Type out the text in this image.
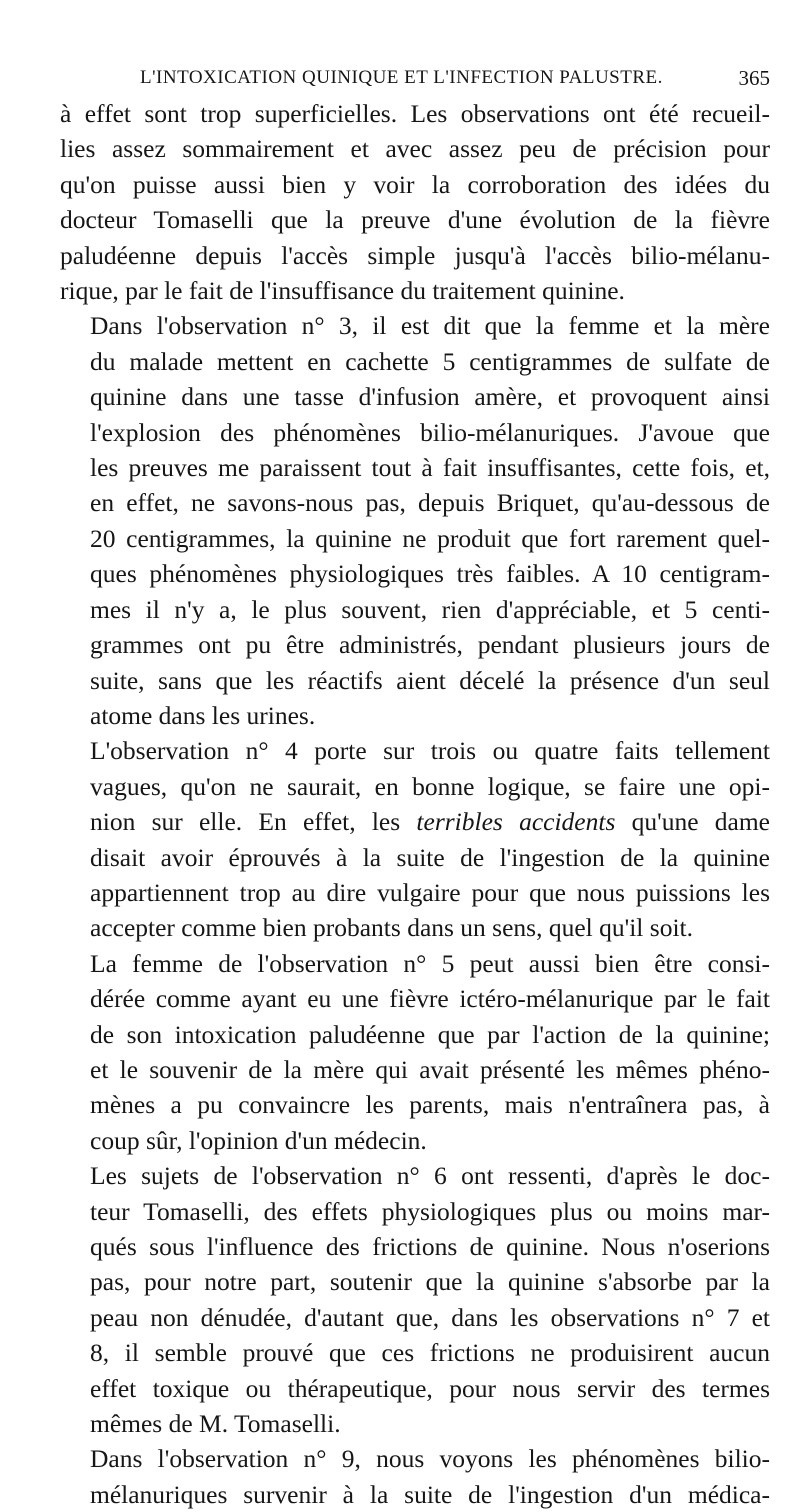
L'INTOXICATION QUINIQUE ET L'INFECTION PALUSTRE.	365

à effet sont trop superficielles. Les observations ont été recueil-
lies assez sommairement et avec assez peu de précision pour
qu'on puisse aussi bien y voir la corroboration des idées du
docteur Tomaselli que la preuve d'une évolution de la fièvre
paludéenne depuis l'accès simple jusqu'à l'accès bilio-mélanu-
rique, par le fait de l'insuffisance du traitement quinine.

Dans l'observation n° 3, il est dit que la femme et la mère
du malade mettent en cachette 5 centigrammes de sulfate de
quinine dans une tasse d'infusion amère, et provoquent ainsi
l'explosion des phénomènes bilio-mélanuriques. J'avoue que
les preuves me paraissent tout à fait insuffisantes, cette fois, et,
en effet, ne savons-nous pas, depuis Briquet, qu'au-dessous de
20 centigrammes, la quinine ne produit que fort rarement quel-
ques phénomènes physiologiques très faibles. A 10 centigram-
mes il n'y a, le plus souvent, rien d'appréciable, et 5 centi-
grammes ont pu être administrés, pendant plusieurs jours de
suite, sans que les réactifs aient décelé la présence d'un seul
atome dans les urines.

L'observation n° 4 porte sur trois ou quatre faits tellement
vagues, qu'on ne saurait, en bonne logique, se faire une opi-
nion sur elle. En effet, les terribles accidents qu'une dame
disait avoir éprouvés à la suite de l'ingestion de la quinine
appartiennent trop au dire vulgaire pour que nous puissions les
accepter comme bien probants dans un sens, quel qu'il soit.

La femme de l'observation n° 5 peut aussi bien être consi-
dérée comme ayant eu une fièvre ictéro-mélanurique par le fait
de son intoxication paludéenne que par l'action de la quinine;
et le souvenir de la mère qui avait présenté les mêmes phéno-
mènes a pu convaincre les parents, mais n'entraînera pas, à
coup sûr, l'opinion d'un médecin.

Les sujets de l'observation n° 6 ont ressenti, d'après le doc-
teur Tomaselli, des effets physiologiques plus ou moins mar-
qués sous l'influence des frictions de quinine. Nous n'oserions
pas, pour notre part, soutenir que la quinine s'absorbe par la
peau non dénudée, d'autant que, dans les observations n° 7 et
8, il semble prouvé que ces frictions ne produisirent aucun
effet toxique ou thérapeutique, pour nous servir des termes
mêmes de M. Tomaselli.

Dans l'observation n° 9, nous voyons les phénomènes bilio-
mélanuriques survenir à la suite de l'ingestion d'un médica-
